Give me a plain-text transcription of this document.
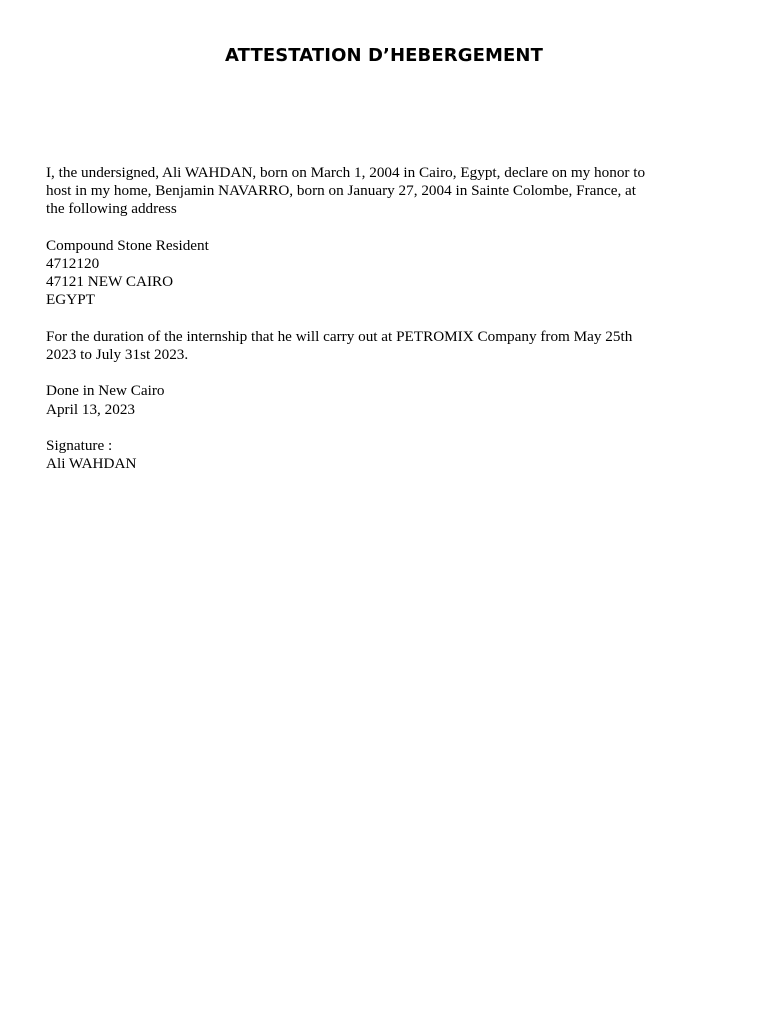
ATTESTATION D’HEBERGEMENT

I, the undersigned, Ali WAHDAN, born on March 1, 2004 in Cairo, Egypt, declare on my honor to
host in my home, Benjamin NAVARRO, born on January 27, 2004 in Sainte Colombe, France, at
the following address

Compound Stone Resident
4712120
47121 NEW CAIRO
EGYPT

For the duration of the internship that he will carry out at PETROMIX Company from May 25th
2023 to July 31st 2023.

Done in New Cairo
April 13, 2023

Signature :
Ali WAHDAN
